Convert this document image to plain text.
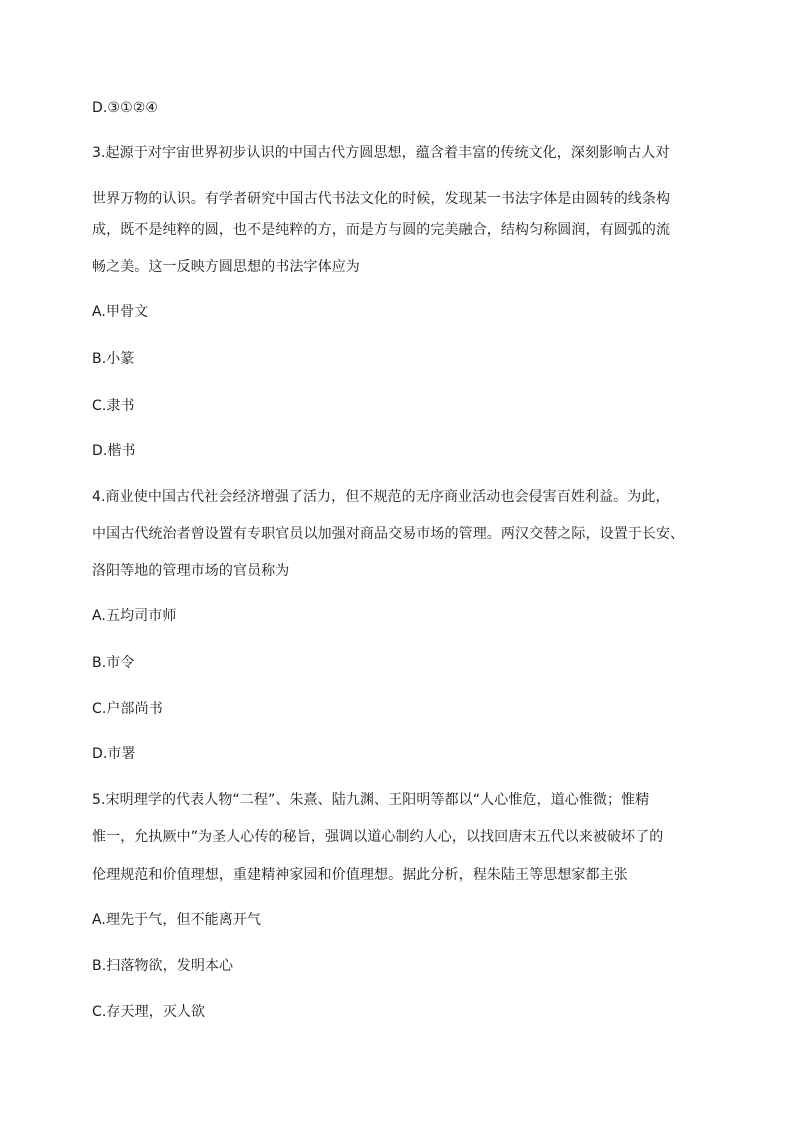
D.③①②④
3.起源于对宇宙世界初步认识的中国古代方圆思想，蕴含着丰富的传统文化，深刻影响古人对
世界万物的认识。有学者研究中国古代书法文化的时候，发现某一书法字体是由圆转的线条构
成，既不是纯粹的圆，也不是纯粹的方，而是方与圆的完美融合，结构匀称圆润，有圆弧的流
畅之美。这一反映方圆思想的书法字体应为
A.甲骨文
B.小篆
C.隶书
D.楷书
4.商业使中国古代社会经济增强了活力，但不规范的无序商业活动也会侵害百姓利益。为此，
中国古代统治者曾设置有专职官员以加强对商品交易市场的管理。两汉交替之际，设置于长安、
洛阳等地的管理市场的官员称为
A.五均司市师
B.市令
C.户部尚书
D.市署
5.宋明理学的代表人物“二程”、朱熹、陆九渊、王阳明等都以“人心惟危，道心惟微；惟精
惟一，允执厥中”为圣人心传的秘旨，强调以道心制约人心，以找回唐末五代以来被破坏了的
伦理规范和价值理想，重建精神家园和价值理想。据此分析，程朱陆王等思想家都主张
A.理先于气，但不能离开气
B.扫落物欲，发明本心
C.存天理，灭人欲
